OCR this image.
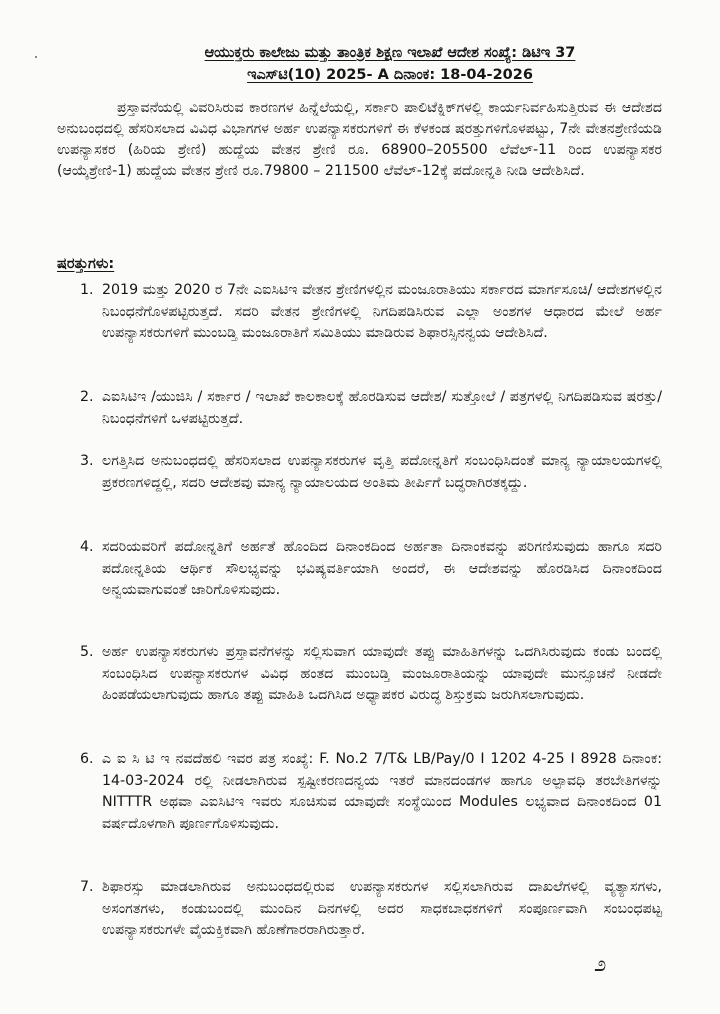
ಆಯುಕ್ತರು ಕಾಲೇಜು ಮತ್ತು ತಾಂತ್ರಿಕ ಶಿಕ್ಷಣ ಇಲಾಖೆ ಆದೇಶ ಸಂಖ್ಯೆ: ಡಿಟಿಇ 37
ಇಎಸ್‌ಟಿ(10) 2025- A ದಿನಾಂಕ: 18-04-2026

ಪ್ರಸ್ತಾವನೆಯಲ್ಲಿ ವಿವರಿಸಿರುವ ಕಾರಣಗಳ ಹಿನ್ನೆಲೆಯಲ್ಲಿ, ಸರ್ಕಾರಿ ಪಾಲಿಟೆಕ್ನಿಕ್‌ಗಳಲ್ಲಿ ಕಾರ್ಯನಿರ್ವಹಿಸುತ್ತಿರುವ ಈ ಆದೇಶದ ಅನುಬಂಧದಲ್ಲಿ ಹೆಸರಿಸಲಾದ ವಿವಿಧ ವಿಭಾಗಗಳ ಅರ್ಹ ಉಪನ್ಯಾಸಕರುಗಳಿಗೆ ಈ ಕೆಳಕಂಡ ಷರತ್ತುಗಳಿಗೊಳಪಟ್ಟು, 7ನೇ ವೇತನಶ್ರೇಣಿಯಡಿ ಉಪನ್ಯಾಸಕರ (ಹಿರಿಯ ಶ್ರೇಣಿ) ಹುದ್ದೆಯ ವೇತನ ಶ್ರೇಣಿ ರೂ. 68900–205500 ಲೆವೆಲ್-11 ರಿಂದ ಉಪನ್ಯಾಸಕರ (ಆಯ್ಕೆಶ್ರೇಣಿ-1) ಹುದ್ದೆಯ ವೇತನ ಶ್ರೇಣಿ ರೂ.79800 – 211500 ಲೆವೆಲ್-12ಕ್ಕೆ ಪದೋನ್ನತಿ ನೀಡಿ ಆದೇಶಿಸಿದೆ.

ಷರತ್ತುಗಳು:
1. 2019 ಮತ್ತು 2020 ರ 7ನೇ ಎಐಸಿಟಿಇ ವೇತನ ಶ್ರೇಣಿಗಳಲ್ಲಿನ ಮಂಜೂರಾತಿಯು ಸರ್ಕಾರದ ಮಾರ್ಗಸೂಚಿ/ ಆದೇಶಗಳಲ್ಲಿನ ನಿಬಂಧನೆಗೊಳಪಟ್ಟಿರುತ್ತದೆ. ಸದರಿ ವೇತನ ಶ್ರೇಣಿಗಳಲ್ಲಿ ನಿಗದಿಪಡಿಸಿರುವ ಎಲ್ಲಾ ಅಂಶಗಳ ಆಧಾರದ ಮೇಲೆ ಅರ್ಹ ಉಪನ್ಯಾಸಕರುಗಳಿಗೆ ಮುಂಬಡ್ತಿ ಮಂಜೂರಾತಿಗೆ ಸಮಿತಿಯು ಮಾಡಿರುವ ಶಿಫಾರಸ್ಸಿನನ್ವಯ ಆದೇಶಿಸಿದೆ.
2. ಎಐಸಿಟಿಇ /ಯುಜಿಸಿ / ಸರ್ಕಾರ / ಇಲಾಖೆ ಕಾಲಕಾಲಕ್ಕೆ ಹೊರಡಿಸುವ ಆದೇಶ/ ಸುತ್ತೋಲೆ / ಪತ್ರಗಳಲ್ಲಿ ನಿಗದಿಪಡಿಸುವ ಷರತ್ತು/ನಿಬಂಧನೆಗಳಿಗೆ ಒಳಪಟ್ಟಿರುತ್ತದೆ.
3. ಲಗತ್ತಿಸಿದ ಅನುಬಂಧದಲ್ಲಿ ಹೆಸರಿಸಲಾದ ಉಪನ್ಯಾಸಕರುಗಳ ವೃತ್ತಿ ಪದೋನ್ನತಿಗೆ ಸಂಬಂಧಿಸಿದಂತೆ ಮಾನ್ಯ ನ್ಯಾಯಾಲಯಗಳಲ್ಲಿ ಪ್ರಕರಣಗಳಿದ್ದಲ್ಲಿ, ಸದರಿ ಆದೇಶವು ಮಾನ್ಯ ನ್ಯಾಯಾಲಯದ ಅಂತಿಮ ತೀರ್ಪಿಗೆ ಬದ್ಧರಾಗಿರತಕ್ಕದ್ದು.
4. ಸದರಿಯವರಿಗೆ ಪದೋನ್ನತಿಗೆ ಅರ್ಹತೆ ಹೊಂದಿದ ದಿನಾಂಕದಿಂದ ಅರ್ಹತಾ ದಿನಾಂಕವನ್ನು ಪರಿಗಣಿಸುವುದು ಹಾಗೂ ಸದರಿ ಪದೋನ್ನತಿಯ ಆರ್ಥಿಕ ಸೌಲಭ್ಯವನ್ನು ಭವಿಷ್ಯವರ್ತಿಯಾಗಿ ಅಂದರೆ, ಈ ಆದೇಶವನ್ನು ಹೊರಡಿಸಿದ ದಿನಾಂಕದಿಂದ ಅನ್ವಯವಾಗುವಂತೆ ಜಾರಿಗೊಳಿಸುವುದು.
5. ಅರ್ಹ ಉಪನ್ಯಾಸಕರುಗಳು ಪ್ರಸ್ತಾವನೆಗಳನ್ನು ಸಲ್ಲಿಸುವಾಗ ಯಾವುದೇ ತಪ್ಪು ಮಾಹಿತಿಗಳನ್ನು ಒದಗಿಸಿರುವುದು ಕಂಡು ಬಂದಲ್ಲಿ ಸಂಬಂಧಿಸಿದ ಉಪನ್ಯಾಸಕರುಗಳ ವಿವಿಧ ಹಂತದ ಮುಂಬಡ್ತಿ ಮಂಜೂರಾತಿಯನ್ನು ಯಾವುದೇ ಮುನ್ಸೂಚನೆ ನೀಡದೇ ಹಿಂಪಡೆಯಲಾಗುವುದು ಹಾಗೂ ತಪ್ಪು ಮಾಹಿತಿ ಒದಗಿಸಿದ ಅಧ್ಯಾಪಕರ ವಿರುದ್ಧ ಶಿಸ್ತುಕ್ರಮ ಜರುಗಿಸಲಾಗುವುದು.
6. ಎ ಐ ಸಿ ಟಿ ಇ ನವದೆಹಲಿ ಇವರ ಪತ್ರ ಸಂಖ್ಯೆ: F. No.2 7/T& LB/Pay/0 I 1202 4-25 I 8928 ದಿನಾಂಕ: 14-03-2024 ರಲ್ಲಿ ನೀಡಲಾಗಿರುವ ಸ್ಪಷ್ಟೀಕರಣದನ್ವಯ ಇತರೆ ಮಾನದಂಡಗಳ ಹಾಗೂ ಅಲ್ಪಾವಧಿ ತರಬೇತಿಗಳನ್ನು NITTTR ಅಥವಾ ಎಐಸಿಟಿಇ ಇವರು ಸೂಚಿಸುವ ಯಾವುದೇ ಸಂಸ್ಥೆಯಿಂದ Modules ಲಭ್ಯವಾದ ದಿನಾಂಕದಿಂದ 01 ವರ್ಷದೊಳಗಾಗಿ ಪೂರ್ಣಗೊಳಿಸುವುದು.
7. ಶಿಫಾರಸ್ಸು ಮಾಡಲಾಗಿರುವ ಅನುಬಂಧದಲ್ಲಿರುವ ಉಪನ್ಯಾಸಕರುಗಳ ಸಲ್ಲಿಸಲಾಗಿರುವ ದಾಖಲೆಗಳಲ್ಲಿ ವ್ಯತ್ಯಾಸಗಳು, ಅಸಂಗತಗಳು, ಕಂಡುಬಂದಲ್ಲಿ ಮುಂದಿನ ದಿನಗಳಲ್ಲಿ ಅದರ ಸಾಧಕಬಾಧಕಗಳಿಗೆ ಸಂಪೂರ್ಣವಾಗಿ ಸಂಬಂಧಪಟ್ಟ ಉಪನ್ಯಾಸಕರುಗಳೇ ವೈಯಕ್ತಿಕವಾಗಿ ಹೊಣೆಗಾರರಾಗಿರುತ್ತಾರೆ.
೨
